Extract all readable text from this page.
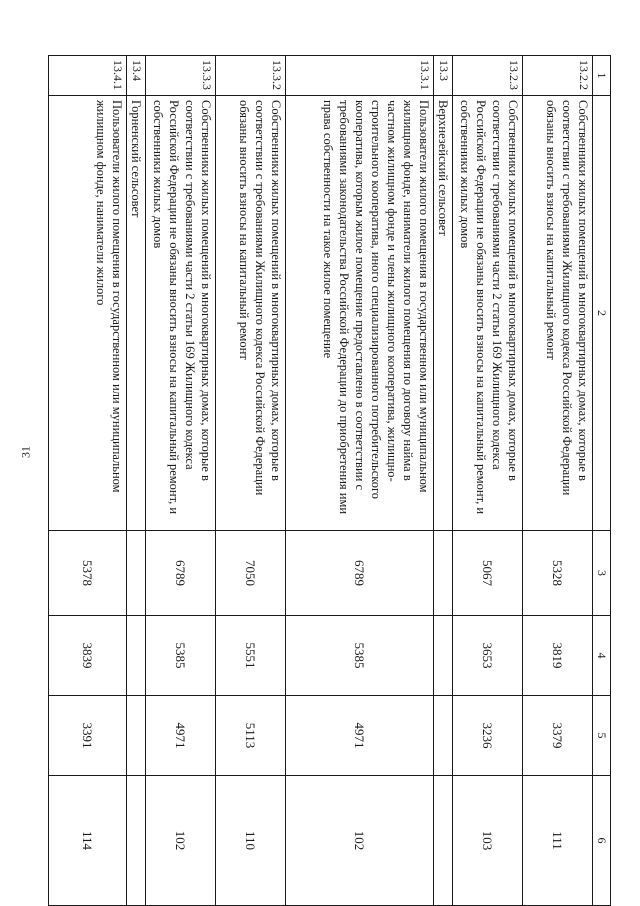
31
1	2	3	4	5	6
13.2.2	Собственники жилых помещений в многоквартирных домах, которые в соответствии с требованиями Жилищного кодекса Российской Федерации обязаны вносить взносы на капитальный ремонт	5328	3819	3379	111
13.2.3	Собственники жилых помещений в многоквартирных домах, которые в соответствии с требованиями части 2 статьи 169 Жилищного кодекса Российской Федерации не обязаны вносить взносы на капитальный ремонт, и собственники жилых домов	5067	3653	3236	103
13.3	Верхнезейский сельсовет				
13.3.1	Пользователи жилого помещения в государственном или муниципальном жилищном фонде, наниматели жилого помещения по договору найма в частном жилищном фонде и члены жилищного кооператива, жилищно-строительного кооператива, иного специализированного потребительского кооператива, которым жилое помещение предоставлено в соответствии с требованиями законодательства Российской Федерации до приобретения ими права собственности на такое жилое помещение	6789	5385	4971	102
13.3.2	Собственники жилых помещений в многоквартирных домах, которые в соответствии с требованиями Жилищного кодекса Российской Федерации обязаны вносить взносы на капитальный ремонт	7050	5551	5113	110
13.3.3	Собственники жилых помещений в многоквартирных домах, которые в соответствии с требованиями части 2 статьи 169 Жилищного кодекса Российской Федерации не обязаны вносить взносы на капитальный ремонт, и собственники жилых домов	6789	5385	4971	102
13.4	Горненский сельсовет				
13.4.1	Пользователи жилого помещения в государственном или муниципальном жилищном фонде, наниматели жилого	5378	3839	3391	114
